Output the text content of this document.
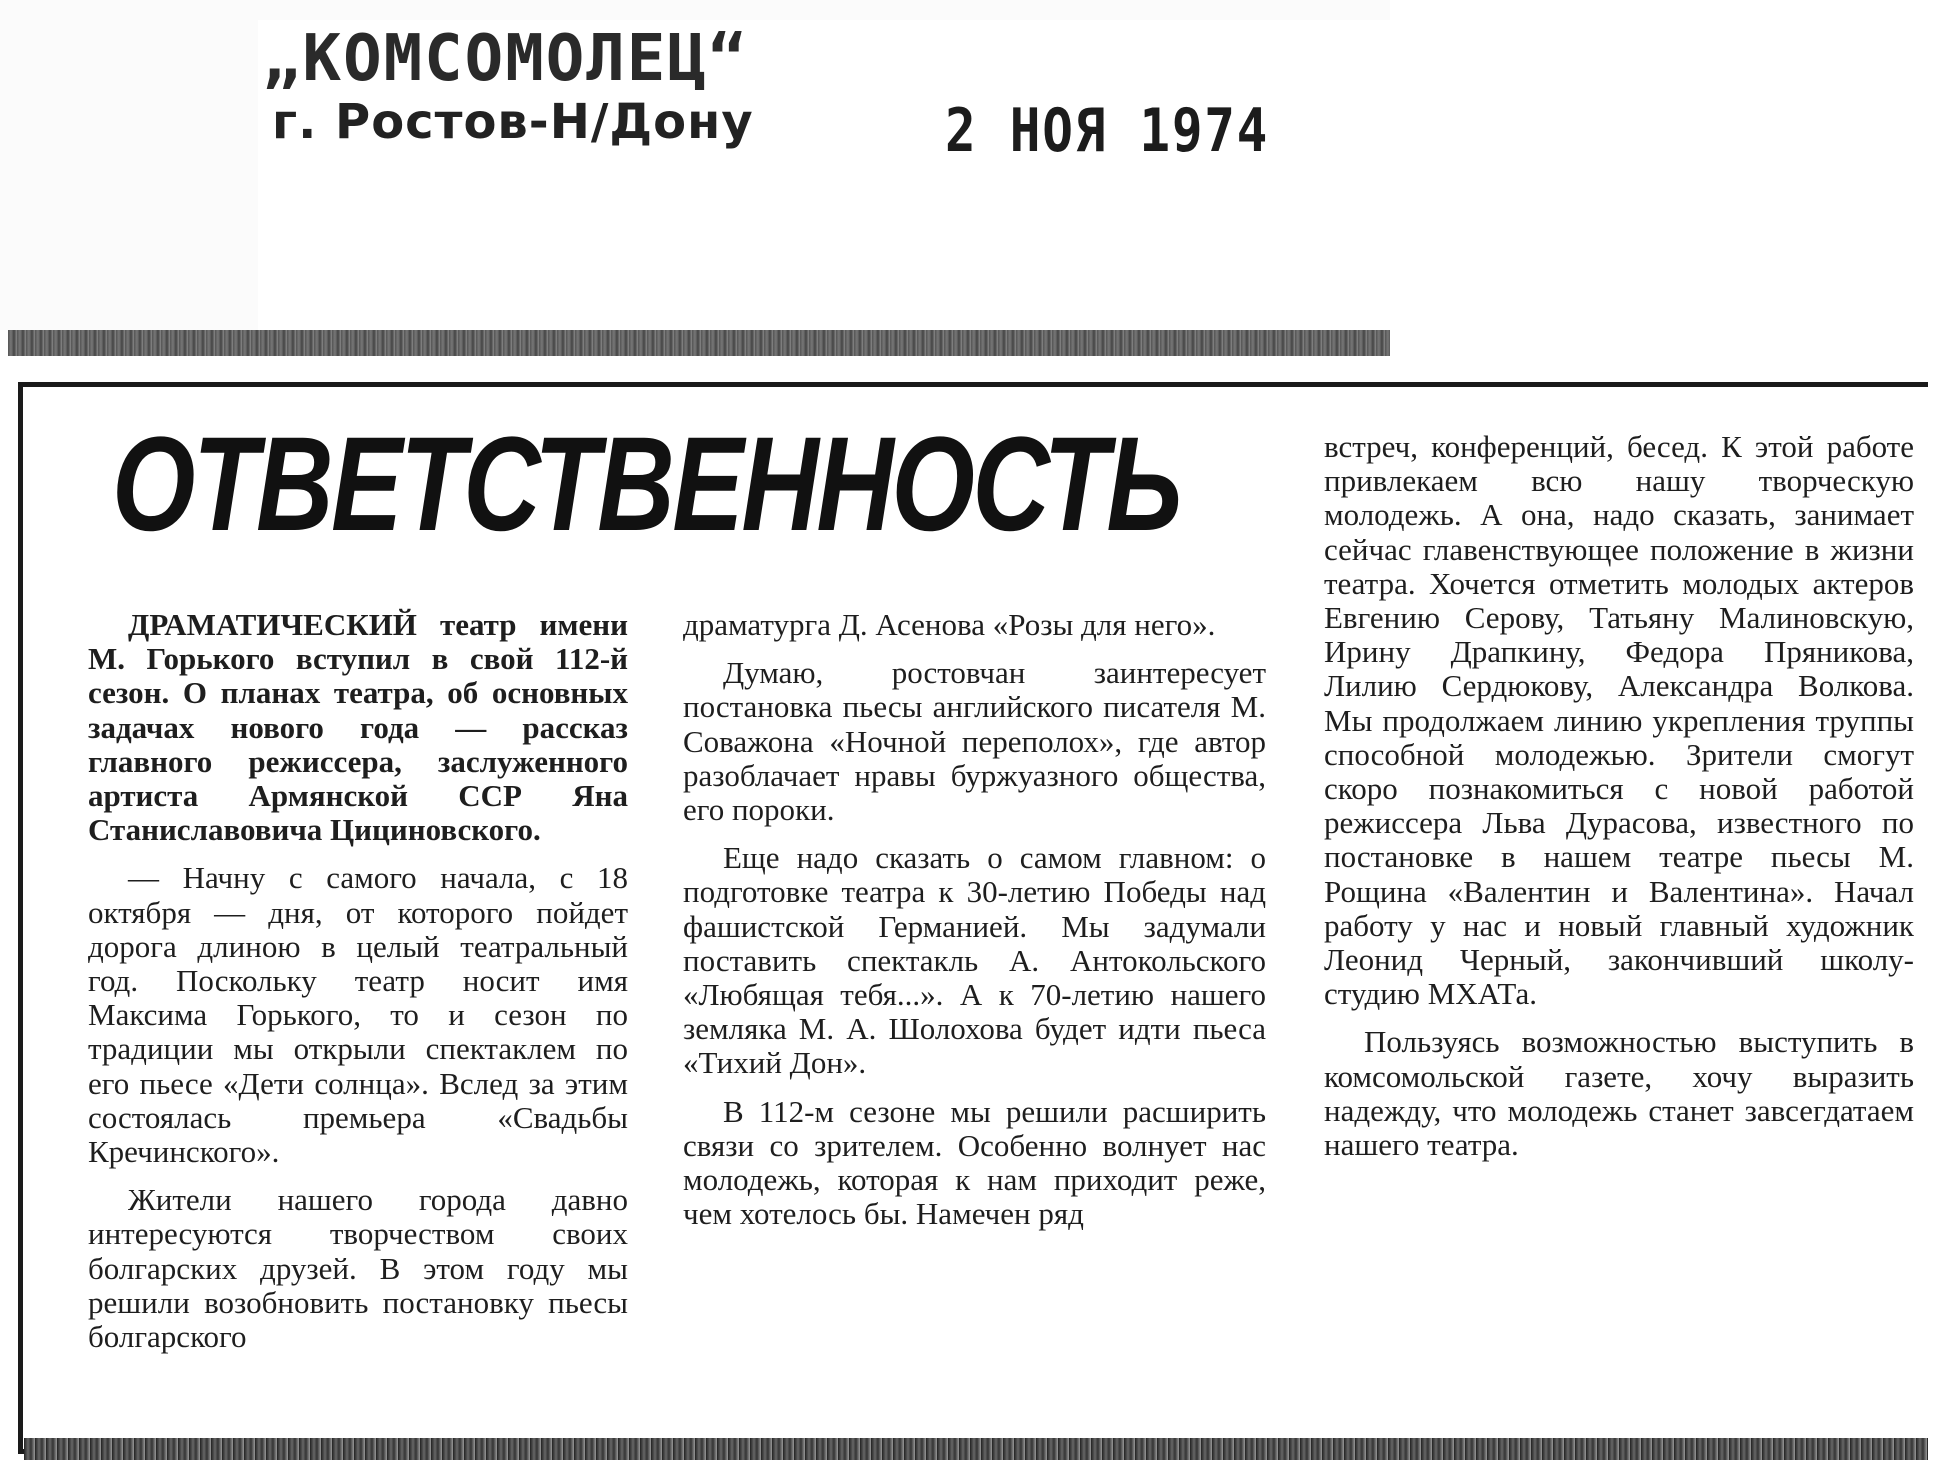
„КОМСОМОЛЕЦ“
г. Ростов-Н/Дону	2 НОЯ 1974
ОТВЕТСТВЕННОСТЬ

ДРАМАТИЧЕСКИЙ театр имени М. Горького вступил в свой 112-й сезон. О планах театра, об основных задачах нового года — рассказ главного режиссера, заслуженного артиста Армянской ССР Яна Станиславовича Цициновского.

— Начну с самого начала, с 18 октября — дня, от которого пойдет дорога длиною в целый театральный год. Поскольку театр носит имя Максима Горького, то и сезон по традиции мы открыли спектаклем по его пьесе «Дети солнца». Вслед за этим состоялась премьера «Свадьбы Кречинского».

Жители нашего города давно интересуются творчеством своих болгарских друзей. В этом году мы решили возобновить постановку пьесы болгарского

драматурга Д. Асенова «Розы для него».

Думаю, ростовчан заинтересует постановка пьесы английского писателя М. Соважона «Ночной переполох», где автор разоблачает нравы буржуазного общества, его пороки.

Еще надо сказать о самом главном: о подготовке театра к 30-летию Победы над фашистской Германией. Мы задумали поставить спектакль А. Антокольского «Любящая тебя...». А к 70-летию нашего земляка М. А. Шолохова будет идти пьеса «Тихий Дон».

В 112-м сезоне мы решили расширить связи со зрителем. Особенно волнует нас молодежь, которая к нам приходит реже, чем хотелось бы. Намечен ряд

встреч, конференций, бесед. К этой работе привлекаем всю нашу творческую молодежь. А она, надо сказать, занимает сейчас главенствующее положение в жизни театра. Хочется отметить молодых актеров Евгению Серову, Татьяну Малиновскую, Ирину Драпкину, Федора Пряникова, Лилию Сердюкову, Александра Волкова. Мы продолжаем линию укрепления труппы способной молодежью. Зрители смогут скоро познакомиться с новой работой режиссера Льва Дурасова, известного по постановке в нашем театре пьесы М. Рощина «Валентин и Валентина». Начал работу у нас и новый главный художник Леонид Черный, закончивший школу-студию МХАТа.

Пользуясь возможностью выступить в комсомольской газете, хочу выразить надежду, что молодежь станет завсегдатаем нашего театра.
